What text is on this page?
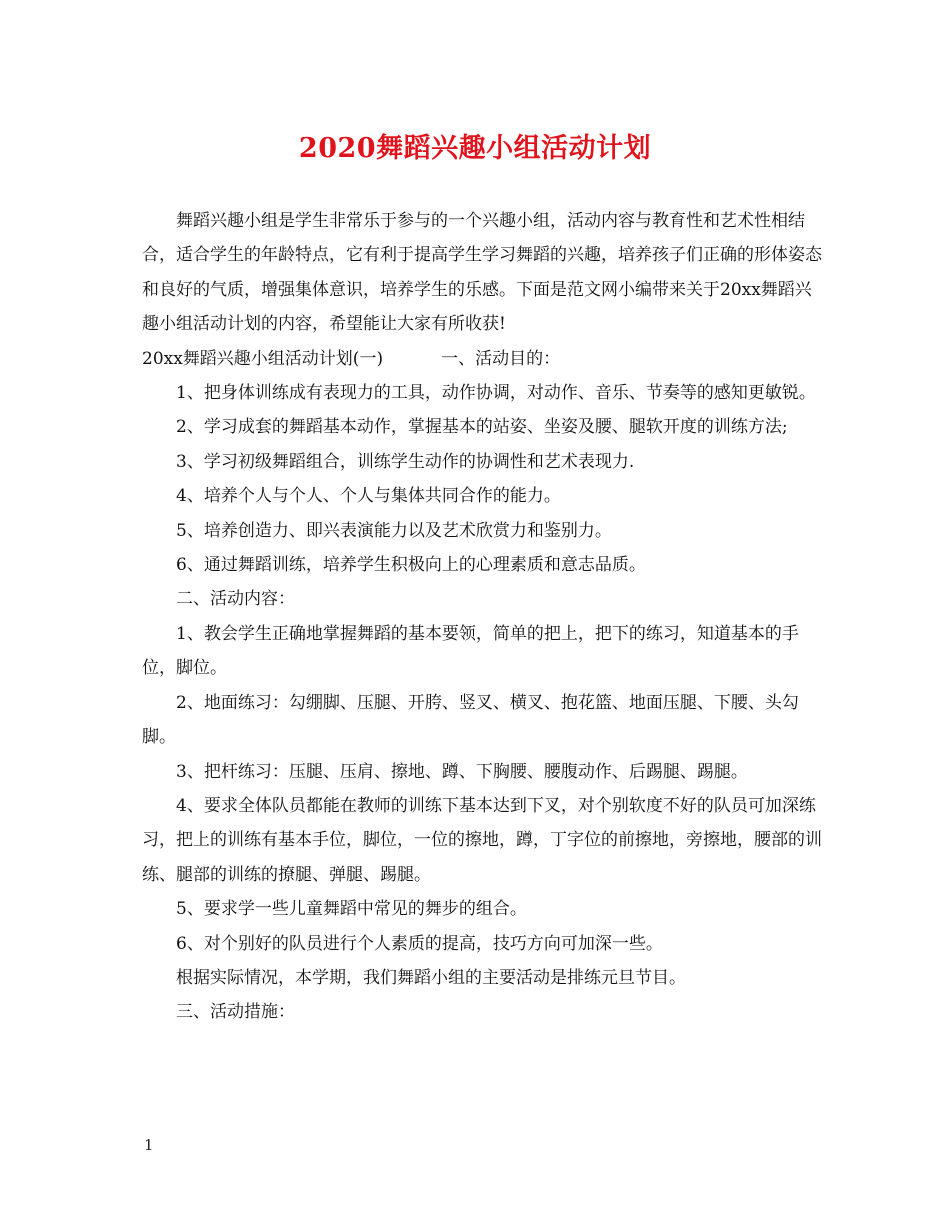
2020舞蹈兴趣小组活动计划

舞蹈兴趣小组是学生非常乐于参与的一个兴趣小组，活动内容与教育性和艺术性相结合，适合学生的年龄特点，它有利于提高学生学习舞蹈的兴趣，培养孩子们正确的形体姿态和良好的气质，增强集体意识，培养学生的乐感。下面是范文网小编带来关于20xx舞蹈兴趣小组活动计划的内容，希望能让大家有所收获!

20xx舞蹈兴趣小组活动计划(一)	一、活动目的：

1、把身体训练成有表现力的工具，动作协调，对动作、音乐、节奏等的感知更敏锐。

2、学习成套的舞蹈基本动作，掌握基本的站姿、坐姿及腰、腿软开度的训练方法;

3、学习初级舞蹈组合，训练学生动作的协调性和艺术表现力.

4、培养个人与个人、个人与集体共同合作的能力。

5、培养创造力、即兴表演能力以及艺术欣赏力和鉴别力。

6、通过舞蹈训练，培养学生积极向上的心理素质和意志品质。

二、活动内容：

1、教会学生正确地掌握舞蹈的基本要领，简单的把上，把下的练习，知道基本的手位，脚位。

2、地面练习：勾绷脚、压腿、开胯、竖叉、横叉、抱花篮、地面压腿、下腰、头勾脚。

3、把杆练习：压腿、压肩、擦地、蹲、下胸腰、腰腹动作、后踢腿、踢腿。

4、要求全体队员都能在教师的训练下基本达到下叉，对个别软度不好的队员可加深练习，把上的训练有基本手位，脚位，一位的擦地，蹲，丁字位的前擦地，旁擦地，腰部的训练、腿部的训练的撩腿、弹腿、踢腿。

5、要求学一些儿童舞蹈中常见的舞步的组合。

6、对个别好的队员进行个人素质的提高，技巧方向可加深一些。

根据实际情况，本学期，我们舞蹈小组的主要活动是排练元旦节目。

三、活动措施：

1
